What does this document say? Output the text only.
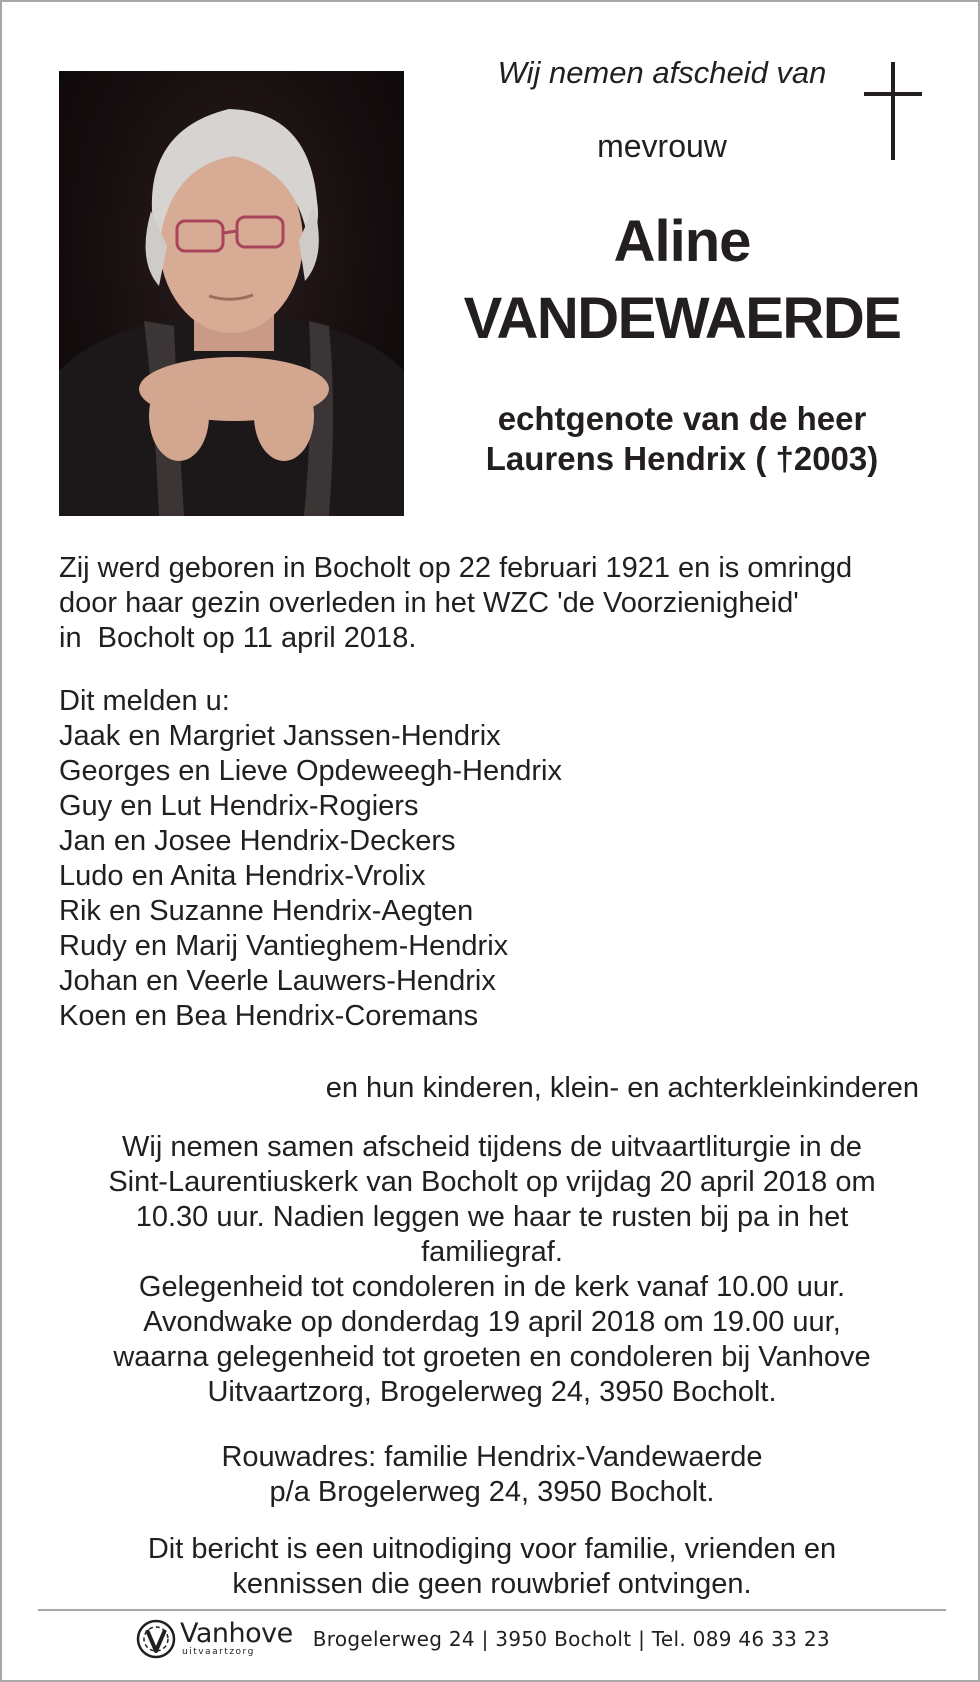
Wij nemen afscheid van
mevrouw
Aline
VANDEWAERDE
echtgenote van de heer
Laurens Hendrix ( †2003)
Zij werd geboren in Bocholt op 22 februari 1921 en is omringd
door haar gezin overleden in het WZC 'de Voorzienigheid'
in  Bocholt op 11 april 2018.
Dit melden u:
Jaak en Margriet Janssen-Hendrix
Georges en Lieve Opdeweegh-Hendrix
Guy en Lut Hendrix-Rogiers
Jan en Josee Hendrix-Deckers
Ludo en Anita Hendrix-Vrolix
Rik en Suzanne Hendrix-Aegten
Rudy en Marij Vantieghem-Hendrix
Johan en Veerle Lauwers-Hendrix
Koen en Bea Hendrix-Coremans
en hun kinderen, klein- en achterkleinkinderen
Wij nemen samen afscheid tijdens de uitvaartliturgie in de
Sint-Laurentiuskerk van Bocholt op vrijdag 20 april 2018 om
10.30 uur. Nadien leggen we haar te rusten bij pa in het
familiegraf.
Gelegenheid tot condoleren in de kerk vanaf 10.00 uur.
Avondwake op donderdag 19 april 2018 om 19.00 uur,
waarna gelegenheid tot groeten en condoleren bij Vanhove
Uitvaartzorg, Brogelerweg 24, 3950 Bocholt.
Rouwadres: familie Hendrix-Vandewaerde
p/a Brogelerweg 24, 3950 Bocholt.
Dit bericht is een uitnodiging voor familie, vrienden en
kennissen die geen rouwbrief ontvingen.
Vanhove
uitvaartzorg
Brogelerweg 24 | 3950 Bocholt | Tel. 089 46 33 23
